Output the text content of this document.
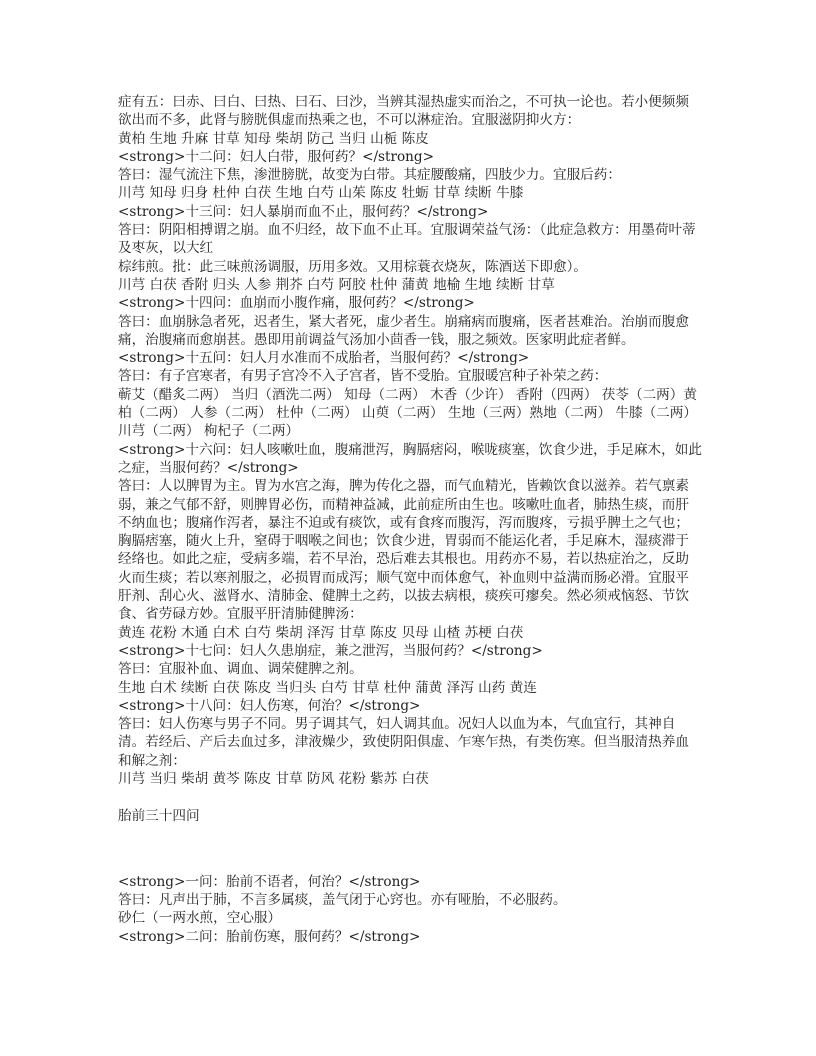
症有五：曰赤、曰白、曰热、曰石、曰沙，当辨其湿热虚实而治之，不可执一论也。若小便频频欲出而不多，此肾与膀胱俱虚而热乘之也，不可以淋症治。宜服滋阴抑火方：
黄柏 生地 升麻 甘草 知母 柴胡 防己 当归 山栀 陈皮
<strong>十二问：妇人白带，服何药？</strong>
答曰：湿气流注下焦，渗泄膀胱，故变为白带。其症腰酸痛，四肢少力。宜服后药：
川芎 知母 归身 杜仲 白茯 生地 白芍 山茱 陈皮 牡蛎 甘草 续断 牛膝
<strong>十三问：妇人暴崩而血不止，服何药？</strong>
答曰：阴阳相搏谓之崩。血不归经，故下血不止耳。宜服调荣益气汤：（此症急救方：用墨荷叶蒂及枣灰，以大红
棕纬煎。批：此三味煎汤调服，历用多效。又用棕蓑衣烧灰，陈酒送下即愈）。
川芎 白茯 香附 归头 人参 荆芥 白芍 阿胶 杜仲 蒲黄 地榆 生地 续断 甘草
<strong>十四问：血崩而小腹作痛，服何药？</strong>
答曰：血崩脉急者死，迟者生，紧大者死，虚少者生。崩痛病而腹痛，医者甚难治。治崩而腹愈痛，治腹痛而愈崩甚。愚即用前调益气汤加小茴香一钱，服之频效。医家明此症者鲜。
<strong>十五问：妇人月水准而不成胎者，当服何药？</strong>
答曰：有子宫寒者，有男子宫冷不入子宫者，皆不受胎。宜服暖宫种子补荣之药：
蕲艾（醋炙二两） 当归（酒洗二两） 知母（二两） 木香（少许） 香附（四两） 茯苓（二两）黄柏（二两） 人参（二两） 杜仲（二两） 山萸（二两） 生地（三两）熟地（二两） 牛膝（二两） 川芎（二两） 枸杞子（二两）
<strong>十六问：妇人咳嗽吐血，腹痛泄泻，胸膈痞闷，喉咙痰塞，饮食少进，手足麻木，如此之症，当服何药？</strong>
答曰：人以脾胃为主。胃为水宫之海，脾为传化之器，而气血精光，皆赖饮食以滋养。若气禀素弱，兼之气郁不舒，则脾胃必伤，而精神益减，此前症所由生也。咳嗽吐血者，肺热生痰，而肝不纳血也；腹痛作泻者，暴注不迫或有痰饮，或有食疼而腹泻，泻而腹疼，亏损乎脾土之气也；胸膈痞塞，随火上升，窒碍于咽喉之间也；饮食少进，胃弱而不能运化者，手足麻木，湿痰滞于经络也。如此之症，受病多端，若不早治，恐后难去其根也。用药亦不易，若以热症治之，反助火而生痰；若以寒剂服之，必损胃而成泻；顺气宽中而体愈气，补血则中益满而肠必滑。宜服平肝剂、刮心火、滋肾水、清肺金、健脾土之药，以拔去病根，痰疾可瘳矣。然必须戒恼怒、节饮食、省劳碌方妙。宜服平肝清肺健脾汤：
黄连 花粉 木通 白术 白芍 柴胡 泽泻 甘草 陈皮 贝母 山楂 苏梗 白茯
<strong>十七问：妇人久患崩症，兼之泄泻，当服何药？</strong>
答曰：宜服补血、调血、调荣健脾之剂。
生地 白术 续断 白茯 陈皮 当归头 白芍 甘草 杜仲 蒲黄 泽泻 山药 黄连
<strong>十八问：妇人伤寒，何治？</strong>
答曰：妇人伤寒与男子不同。男子调其气，妇人调其血。况妇人以血为本，气血宜行，其神自清。若经后、产后去血过多，津液燥少，致使阴阳俱虚、乍寒乍热，有类伤寒。但当服清热养血和解之剂：
川芎 当归 柴胡 黄芩 陈皮 甘草 防风 花粉 紫苏 白茯
胎前三十四问
<strong>一问：胎前不语者，何治？</strong>
答曰：凡声出于肺，不言多属痰，盖气闭于心窍也。亦有哑胎，不必服药。
砂仁（一两水煎，空心服）
<strong>二问：胎前伤寒，服何药？</strong>
